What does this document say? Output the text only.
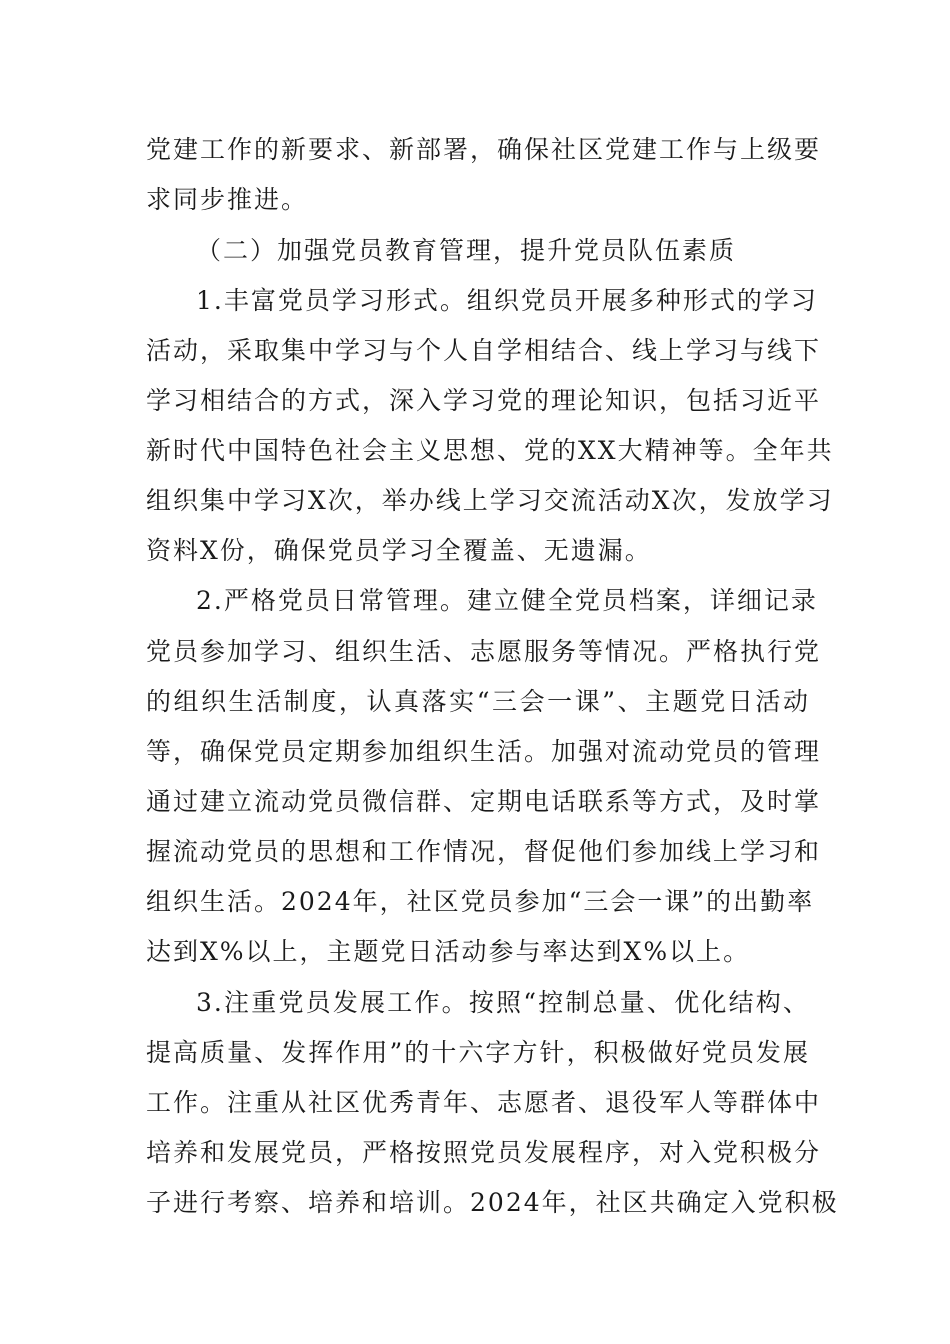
党建工作的新要求、新部署，确保社区党建工作与上级要
求同步推进。
（二）加强党员教育管理，提升党员队伍素质
1.丰富党员学习形式。组织党员开展多种形式的学习
活动，采取集中学习与个人自学相结合、线上学习与线下
学习相结合的方式，深入学习党的理论知识，包括习近平
新时代中国特色社会主义思想、党的XX大精神等。全年共
组织集中学习X次，举办线上学习交流活动X次，发放学习
资料X份，确保党员学习全覆盖、无遗漏。
2.严格党员日常管理。建立健全党员档案，详细记录
党员参加学习、组织生活、志愿服务等情况。严格执行党
的组织生活制度，认真落实“三会一课”、主题党日活动
等，确保党员定期参加组织生活。加强对流动党员的管理
通过建立流动党员微信群、定期电话联系等方式，及时掌
握流动党员的思想和工作情况，督促他们参加线上学习和
组织生活。2024年，社区党员参加“三会一课”的出勤率
达到X%以上，主题党日活动参与率达到X%以上。
3.注重党员发展工作。按照“控制总量、优化结构、
提高质量、发挥作用”的十六字方针，积极做好党员发展
工作。注重从社区优秀青年、志愿者、退役军人等群体中
培养和发展党员，严格按照党员发展程序，对入党积极分
子进行考察、培养和培训。2024年，社区共确定入党积极
